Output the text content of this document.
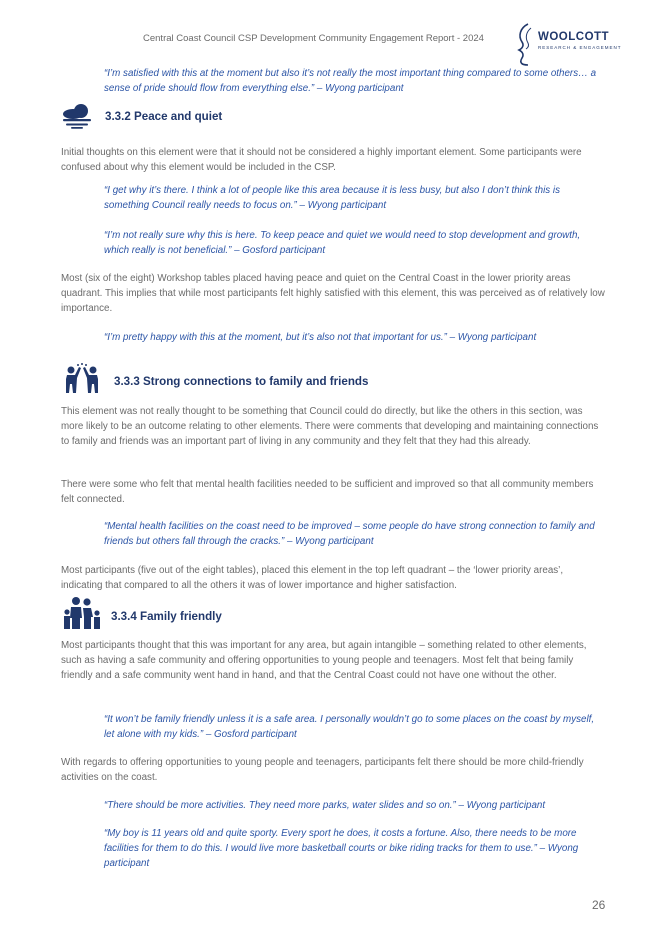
Central Coast Council CSP Development Community Engagement Report - 2024	WOOLCOTT
RESEARCH & ENGAGEMENT
“I’m satisfied with this at the moment but also it’s not really the most important thing compared to some others… a sense of pride should flow from everything else.” – Wyong participant
3.3.2 Peace and quiet
Initial thoughts on this element were that it should not be considered a highly important element. Some participants were confused about why this element would be included in the CSP.
“I get why it’s there. I think a lot of people like this area because it is less busy, but also I don’t think this is something Council really needs to focus on.” – Wyong participant
“I’m not really sure why this is here. To keep peace and quiet we would need to stop development and growth, which really is not beneficial.” – Gosford participant
Most (six of the eight) Workshop tables placed having peace and quiet on the Central Coast in the lower priority areas quadrant. This implies that while most participants felt highly satisfied with this element, this was perceived as of relatively low importance.
“I’m pretty happy with this at the moment, but it’s also not that important for us.” – Wyong participant
3.3.3 Strong connections to family and friends
This element was not really thought to be something that Council could do directly, but like the others in this section, was more likely to be an outcome relating to other elements. There were comments that developing and maintaining connections to family and friends was an important part of living in any community and they felt that they had this already.
There were some who felt that mental health facilities needed to be sufficient and improved so that all community members felt connected.
“Mental health facilities on the coast need to be improved – some people do have strong connection to family and friends but others fall through the cracks.” – Wyong participant
Most participants (five out of the eight tables), placed this element in the top left quadrant – the ‘lower priority areas’, indicating that compared to all the others it was of lower importance and higher satisfaction.
3.3.4 Family friendly
Most participants thought that this was important for any area, but again intangible – something related to other elements, such as having a safe community and offering opportunities to young people and teenagers. Most felt that being family friendly and a safe community went hand in hand, and that the Central Coast could not have one without the other.
“It won’t be family friendly unless it is a safe area. I personally wouldn’t go to some places on the coast by myself, let alone with my kids.” – Gosford participant
With regards to offering opportunities to young people and teenagers, participants felt there should be more child-friendly activities on the coast.
“There should be more activities. They need more parks, water slides and so on.” – Wyong participant
“My boy is 11 years old and quite sporty. Every sport he does, it costs a fortune. Also, there needs to be more facilities for them to do this. I would live more basketball courts or bike riding tracks for them to use.” – Wyong participant
26
